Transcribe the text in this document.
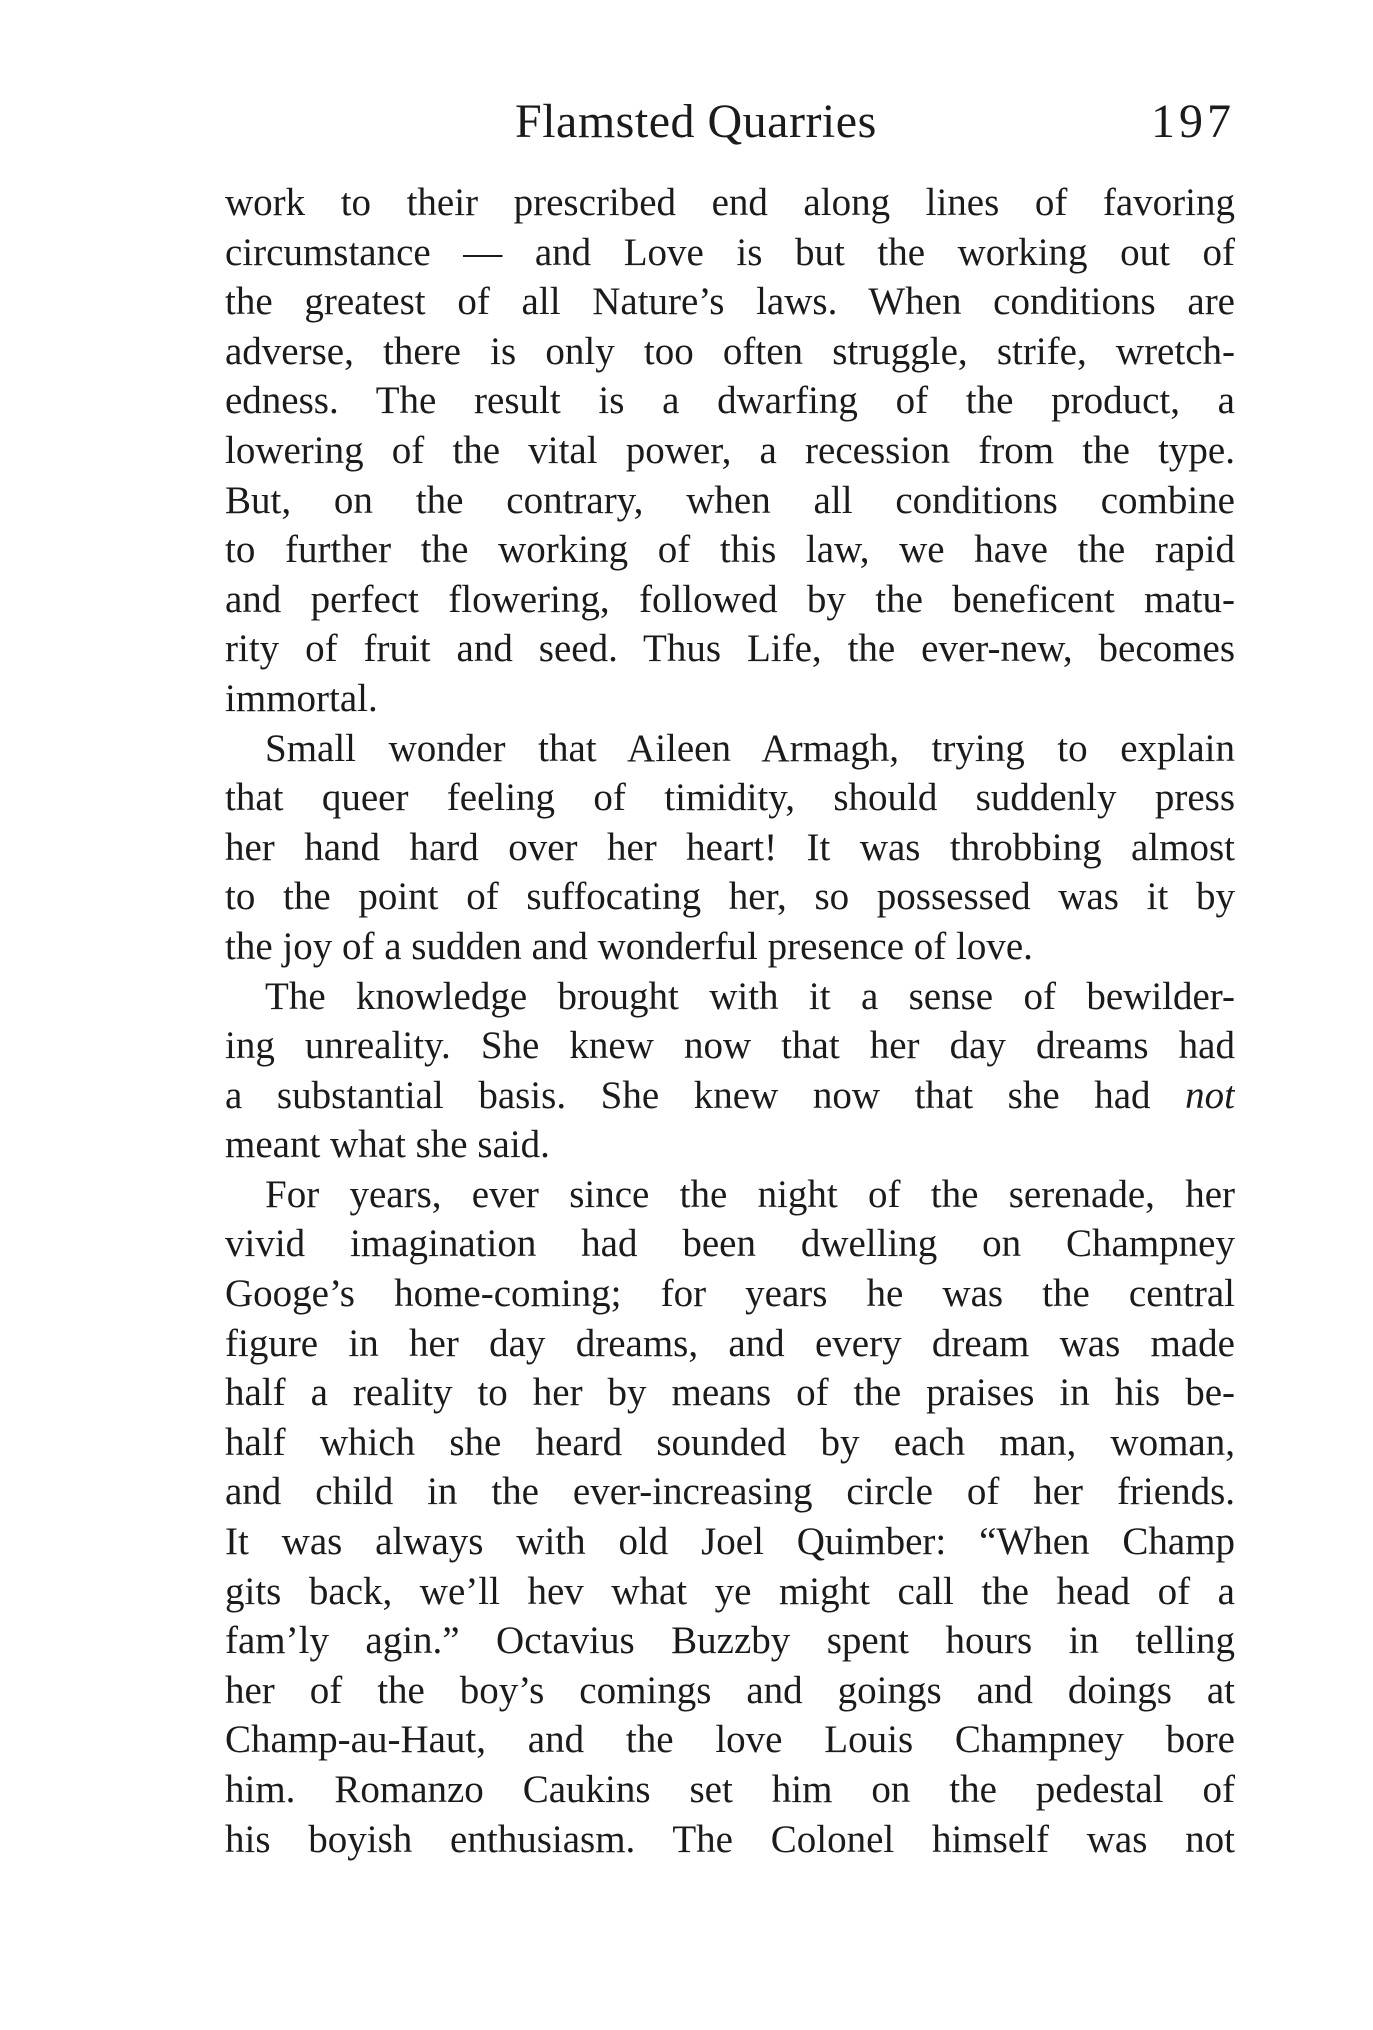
Flamsted Quarries	197
work to their prescribed end along lines of favoring
circumstance — and Love is but the working out of
the greatest of all Nature’s laws. When conditions are
adverse, there is only too often struggle, strife, wretch-
edness. The result is a dwarfing of the product, a
lowering of the vital power, a recession from the type.
But, on the contrary, when all conditions combine
to further the working of this law, we have the rapid
and perfect flowering, followed by the beneficent matu-
rity of fruit and seed. Thus Life, the ever-new, becomes
immortal.
Small wonder that Aileen Armagh, trying to explain
that queer feeling of timidity, should suddenly press
her hand hard over her heart! It was throbbing almost
to the point of suffocating her, so possessed was it by
the joy of a sudden and wonderful presence of love.
The knowledge brought with it a sense of bewilder-
ing unreality. She knew now that her day dreams had
a substantial basis. She knew now that she had not
meant what she said.
For years, ever since the night of the serenade, her
vivid imagination had been dwelling on Champney
Googe’s home-coming; for years he was the central
figure in her day dreams, and every dream was made
half a reality to her by means of the praises in his be-
half which she heard sounded by each man, woman,
and child in the ever-increasing circle of her friends.
It was always with old Joel Quimber: “When Champ
gits back, we’ll hev what ye might call the head of a
fam’ly agin.” Octavius Buzzby spent hours in telling
her of the boy’s comings and goings and doings at
Champ-au-Haut, and the love Louis Champney bore
him. Romanzo Caukins set him on the pedestal of
his boyish enthusiasm. The Colonel himself was not
